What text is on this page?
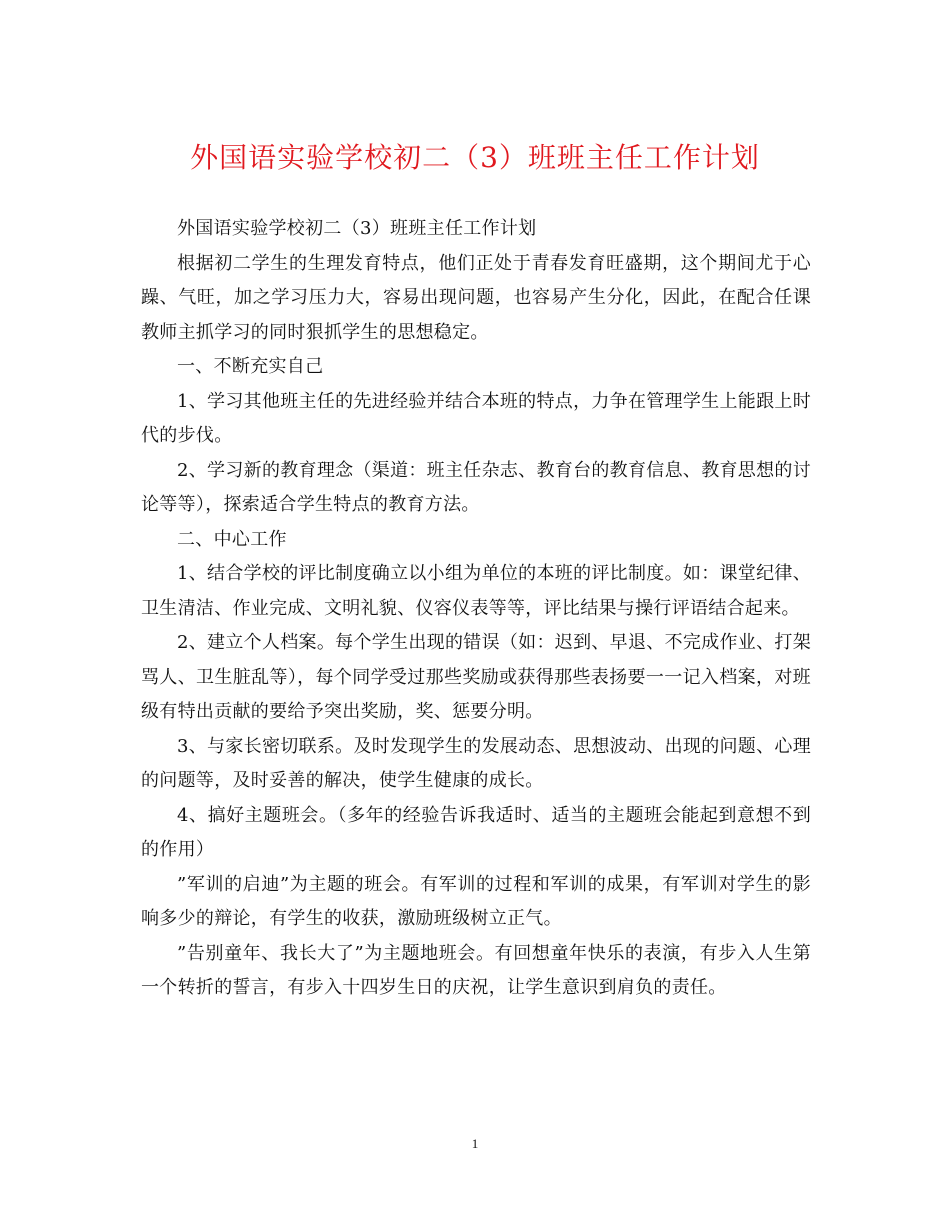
外国语实验学校初二（3）班班主任工作计划

外国语实验学校初二（3）班班主任工作计划

根据初二学生的生理发育特点，他们正处于青春发育旺盛期，这个期间尤于心躁、气旺，加之学习压力大，容易出现问题，也容易产生分化，因此，在配合任课教师主抓学习的同时狠抓学生的思想稳定。

一、不断充实自己

1、学习其他班主任的先进经验并结合本班的特点，力争在管理学生上能跟上时代的步伐。

2、学习新的教育理念（渠道：班主任杂志、教育台的教育信息、教育思想的讨论等等），探索适合学生特点的教育方法。

二、中心工作

1、结合学校的评比制度确立以小组为单位的本班的评比制度。如：课堂纪律、卫生清洁、作业完成、文明礼貌、仪容仪表等等，评比结果与操行评语结合起来。

2、建立个人档案。每个学生出现的错误（如：迟到、早退、不完成作业、打架骂人、卫生脏乱等），每个同学受过那些奖励或获得那些表扬要一一记入档案，对班级有特出贡献的要给予突出奖励，奖、惩要分明。

3、与家长密切联系。及时发现学生的发展动态、思想波动、出现的问题、心理的问题等，及时妥善的解决，使学生健康的成长。

4、搞好主题班会。（多年的经验告诉我适时、适当的主题班会能起到意想不到的作用）

”军训的启迪”为主题的班会。有军训的过程和军训的成果，有军训对学生的影响多少的辩论，有学生的收获，激励班级树立正气。

”告别童年、我长大了”为主题地班会。有回想童年快乐的表演，有步入人生第一个转折的誓言，有步入十四岁生日的庆祝，让学生意识到肩负的责任。

1
